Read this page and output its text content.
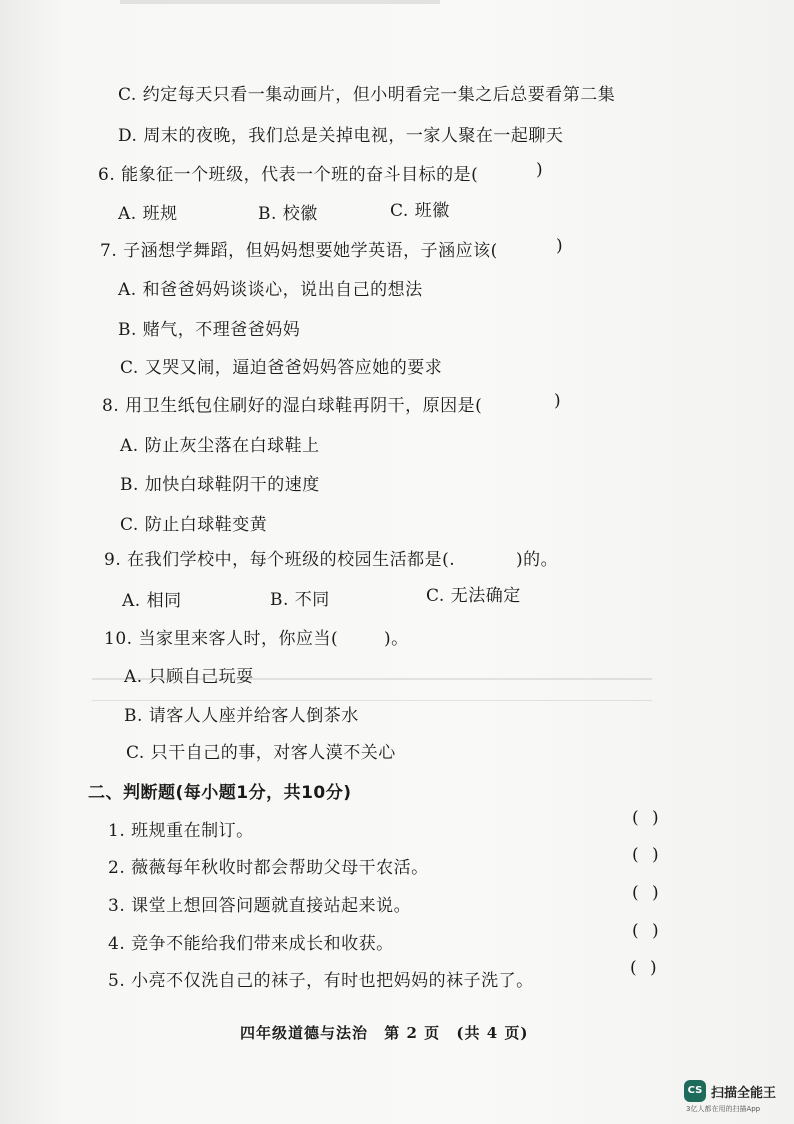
C. 约定每天只看一集动画片，但小明看完一集之后总要看第二集
D. 周末的夜晚，我们总是关掉电视，一家人聚在一起聊天
6. 能象征一个班级，代表一个班的奋斗目标的是(	)
A. 班规	B. 校徽	C. 班徽
7. 子涵想学舞蹈，但妈妈想要她学英语，子涵应该(	)
A. 和爸爸妈妈谈谈心，说出自己的想法
B. 赌气，不理爸爸妈妈
C. 又哭又闹，逼迫爸爸妈妈答应她的要求
8. 用卫生纸包住刷好的湿白球鞋再阴干，原因是(	)
A. 防止灰尘落在白球鞋上
B. 加快白球鞋阴干的速度
C. 防止白球鞋变黄
9. 在我们学校中，每个班级的校园生活都是(.	)的。
A. 相同	B. 不同	C. 无法确定
10. 当家里来客人时，你应当(	)。
A. 只顾自己玩耍
B. 请客人人座并给客人倒茶水
C. 只干自己的事，对客人漠不关心
二、判断题(每小题1分，共10分)
1. 班规重在制订。
( )
2. 薇薇每年秋收时都会帮助父母干农活。
( )
3. 课堂上想回答问题就直接站起来说。
( )
4. 竞争不能给我们带来成长和收获。
( )
5. 小亮不仅洗自己的袜子，有时也把妈妈的袜子洗了。
( )
四年级道德与法治 第 2 页 (共 4 页)
CS 扫描全能王
3亿人都在用的扫描App
